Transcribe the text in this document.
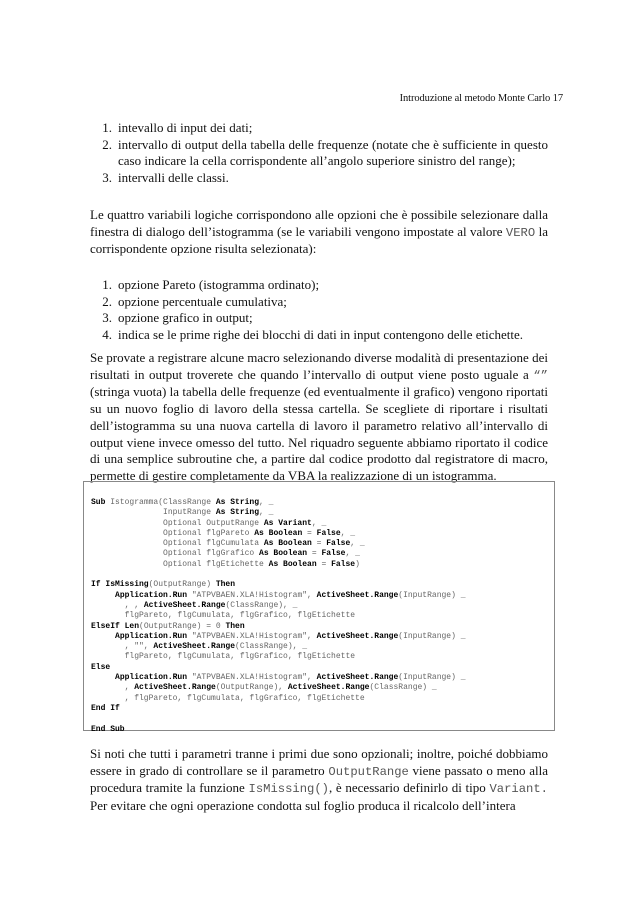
Introduzione al metodo Monte Carlo 17
1. intevallo di input dei dati;
2. intervallo di output della tabella delle frequenze (notate che è sufficiente in questo caso indicare la cella corrispondente all’angolo superiore sinistro del range);
3. intervalli delle classi.

Le quattro variabili logiche corrispondono alle opzioni che è possibile selezionare dalla finestra di dialogo dell’istogramma (se le variabili vengono impostate al valore VERO la corrispondente opzione risulta selezionata):

1. opzione Pareto (istogramma ordinato);
2. opzione percentuale cumulativa;
3. opzione grafico in output;
4. indica se le prime righe dei blocchi di dati in input contengono delle etichette.

Se provate a registrare alcune macro selezionando diverse modalità di presentazione dei risultati in output troverete che quando l’intervallo di output viene posto uguale a “” (stringa vuota) la tabella delle frequenze (ed eventualmente il grafico) vengono riportati su un nuovo foglio di lavoro della stessa cartella. Se scegliete di riportare i risultati dell’istogramma su una nuova cartella di lavoro il parametro relativo all’intervallo di output viene invece omesso del tutto. Nel riquadro seguente abbiamo riportato il codice di una semplice subroutine che, a partire dal codice prodotto dal registratore di macro, permette di gestire completamente da VBA la realizzazione di un istogramma.

Sub Istogramma(ClassRange As String, _
InputRange As String, _
Optional OutputRange As Variant, _
Optional flgPareto As Boolean = False, _
Optional flgCumulata As Boolean = False, _
Optional flgGrafico As Boolean = False, _
Optional flgEtichette As Boolean = False)
If IsMissing(OutputRange) Then
Application.Run "ATPVBAEN.XLA!Histogram", ActiveSheet.Range(InputRange) _
, , ActiveSheet.Range(ClassRange), _
flgPareto, flgCumulata, flgGrafico, flgEtichette
ElseIf Len(OutputRange) = 0 Then
Application.Run "ATPVBAEN.XLA!Histogram", ActiveSheet.Range(InputRange) _
, "", ActiveSheet.Range(ClassRange), _
flgPareto, flgCumulata, flgGrafico, flgEtichette
Else
Application.Run "ATPVBAEN.XLA!Histogram", ActiveSheet.Range(InputRange) _
, ActiveSheet.Range(OutputRange), ActiveSheet.Range(ClassRange) _
, flgPareto, flgCumulata, flgGrafico, flgEtichette
End If
End Sub

Si noti che tutti i parametri tranne i primi due sono opzionali; inoltre, poiché dobbiamo essere in grado di controllare se il parametro OutputRange viene passato o meno alla procedura tramite la funzione IsMissing(), è necessario definirlo di tipo Variant. Per evitare che ogni operazione condotta sul foglio produca il ricalcolo dell’intera
